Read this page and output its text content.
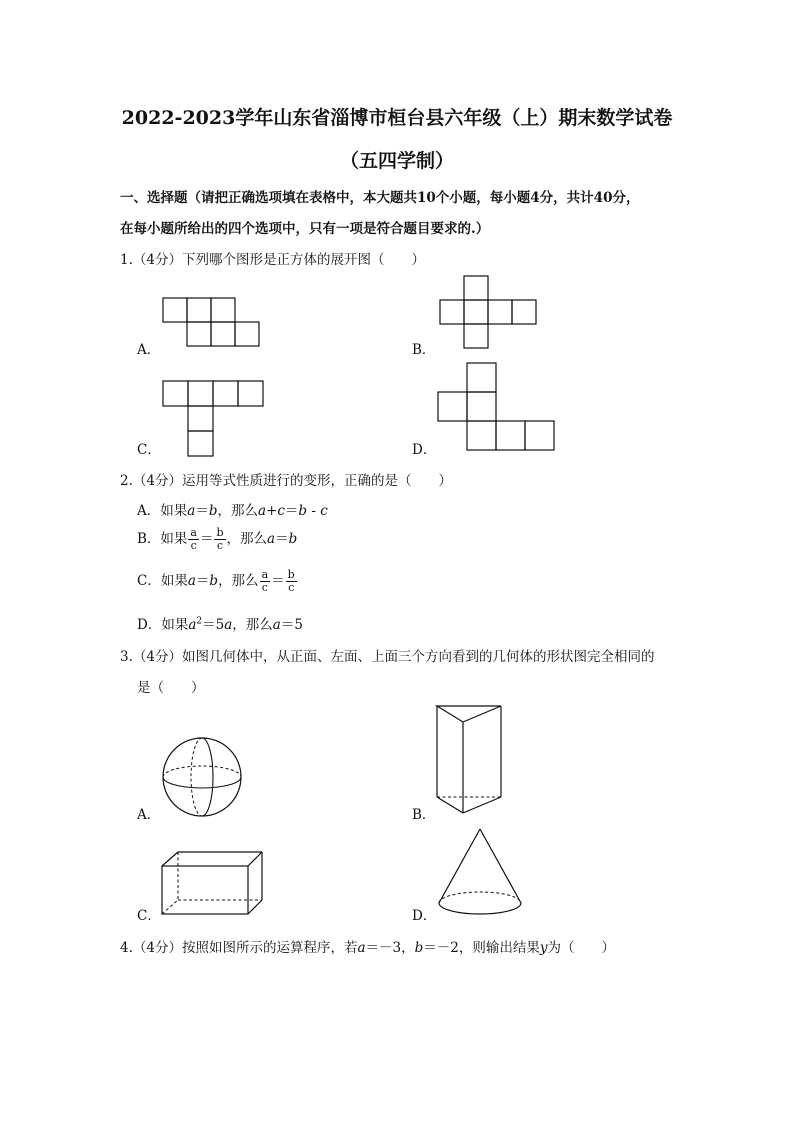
2022-2023学年山东省淄博市桓台县六年级（上）期末数学试卷
（五四学制）
一、选择题（请把正确选项填在表格中，本大题共10个小题，每小题4分，共计40分，
在每小题所给出的四个选项中，只有一项是符合题目要求的.）
1.（4分）下列哪个图形是正方体的展开图（　　）
A．	B．
C．	D．
2.（4分）运用等式性质进行的变形，正确的是（　　）
A．如果a＝b，那么a+c＝b - c
B．如果 $\frac{a}{c} = \frac{b}{c}$ ，那么a＝b
C．如果a＝b，那么 $\frac{a}{c} = \frac{b}{c}$
D．如果$a^2=5a$，那么a＝5
3.（4分）如图几何体中，从正面、左面、上面三个方向看到的几何体的形状图完全相同的
是（　　）
A．	B．
C．	D．
4.（4分）按照如图所示的运算程序，若a＝－3，b＝－2，则输出结果y为（　　）
